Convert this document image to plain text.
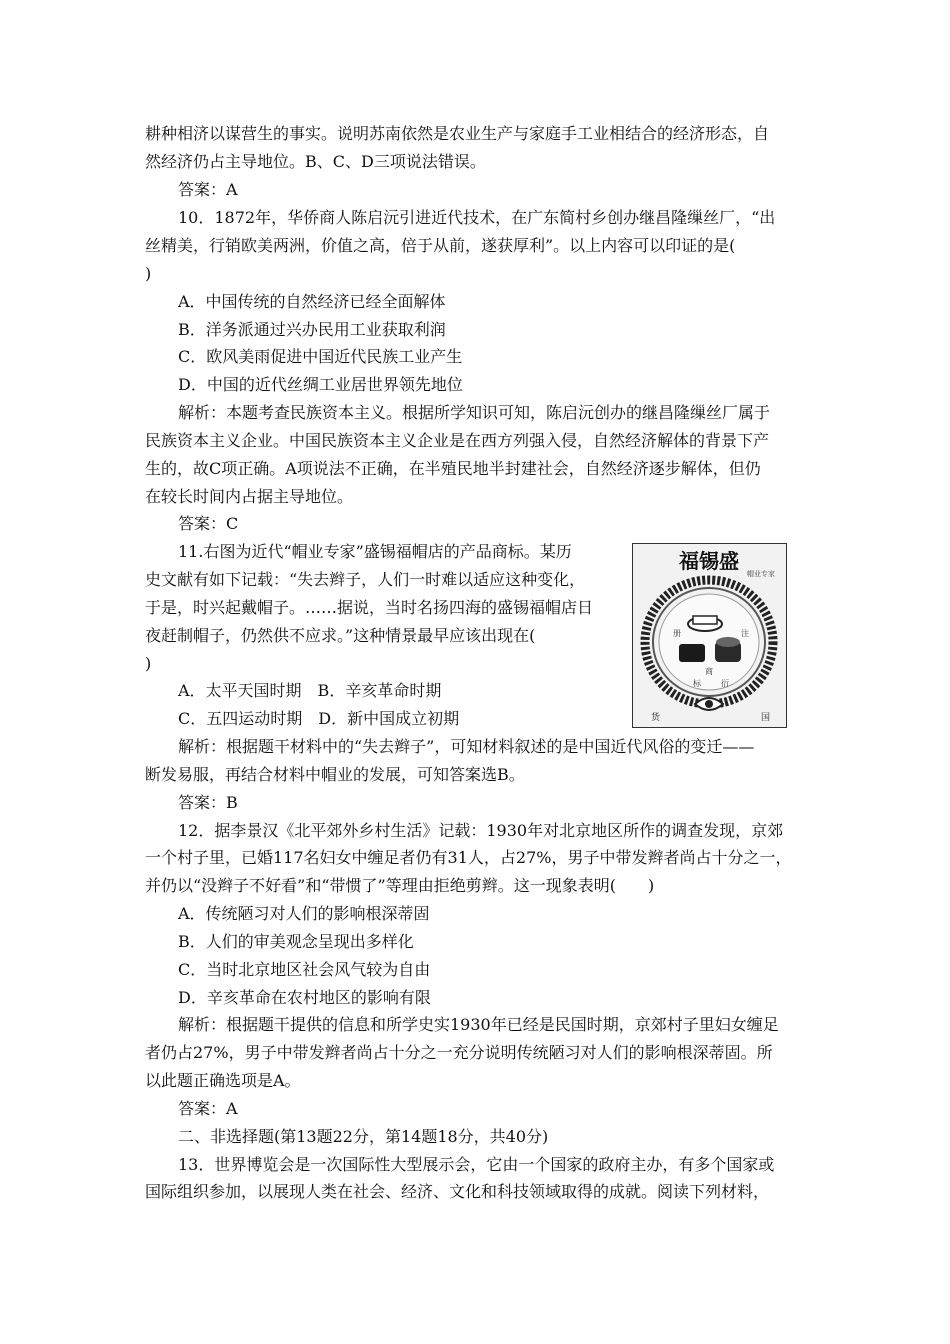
耕种相济以谋营生的事实。说明苏南依然是农业生产与家庭手工业相结合的经济形态，自
然经济仍占主导地位。B、C、D三项说法错误。
答案：A
10．1872年，华侨商人陈启沅引进近代技术，在广东简村乡创办继昌隆缫丝厂，“出
丝精美，行销欧美两洲，价值之高，倍于从前，遂获厚利”。以上内容可以印证的是(
)
A．中国传统的自然经济已经全面解体
B．洋务派通过兴办民用工业获取利润
C．欧风美雨促进中国近代民族工业产生
D．中国的近代丝绸工业居世界领先地位
解析：本题考查民族资本主义。根据所学知识可知，陈启沅创办的继昌隆缫丝厂属于
民族资本主义企业。中国民族资本主义企业是在西方列强入侵，自然经济解体的背景下产
生的，故C项正确。A项说法不正确，在半殖民地半封建社会，自然经济逐步解体，但仍
在较长时间内占据主导地位。
答案：C
11.右图为近代“帽业专家”盛锡福帽店的产品商标。某历
史文献有如下记载：“失去辫子，人们一时难以适应这种变化，
于是，时兴起戴帽子。……据说，当时名扬四海的盛锡福帽店日
夜赶制帽子，仍然供不应求。”这种情景最早应该出现在(
)
A．太平天国时期　B．辛亥革命时期
C．五四运动时期　D．新中国成立初期
解析：根据题干材料中的“失去辫子”，可知材料叙述的是中国近代风俗的变迁——
断发易服，再结合材料中帽业的发展，可知答案选B。
答案：B
12．据李景汉《北平郊外乡村生活》记载：1930年对北京地区所作的调查发现，京郊
一个村子里，已婚117名妇女中缠足者仍有31人，占27%，男子中带发辫者尚占十分之一，
并仍以“没辫子不好看”和“带惯了”等理由拒绝剪辫。这一现象表明(　　)
A．传统陋习对人们的影响根深蒂固
B．人们的审美观念呈现出多样化
C．当时北京地区社会风气较为自由
D．辛亥革命在农村地区的影响有限
解析：根据题干提供的信息和所学史实1930年已经是民国时期，京郊村子里妇女缠足
者仍占27%，男子中带发辫者尚占十分之一充分说明传统陋习对人们的影响根深蒂固。所
以此题正确选项是A。
答案：A
二、非选择题(第13题22分，第14题18分，共40分)
13．世界博览会是一次国际性大型展示会，它由一个国家的政府主办，有多个国家或
国际组织参加，以展现人类在社会、经济、文化和科技领域取得的成就。阅读下列材料，
福锡盛
帽业专家
册	注
商
标	衍
货	国
